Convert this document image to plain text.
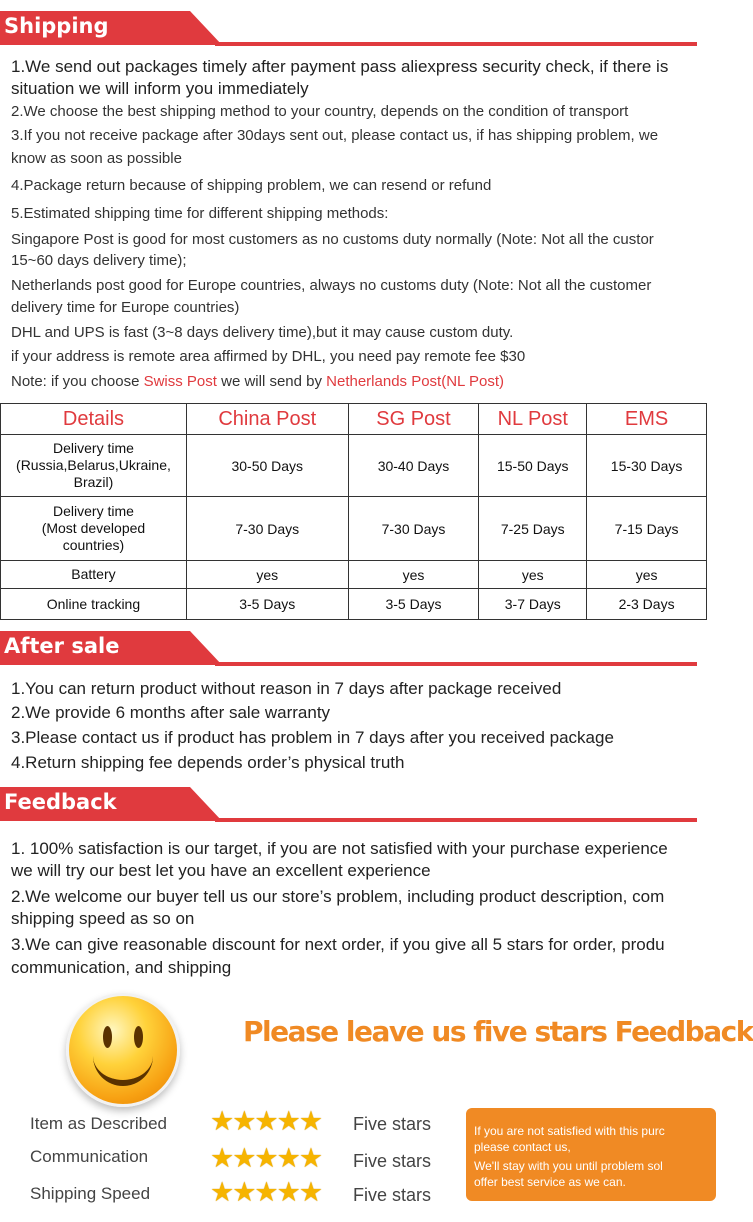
Shipping
1.We send out packages timely after payment pass aliexpress security check, if there is
situation we will inform you immediately
2.We choose the best shipping method to your country, depends on the condition of transport
3.If you not receive package after 30days sent out, please contact us, if has shipping problem, we
know as soon as possible
4.Package return because of shipping problem, we can resend or refund
5.Estimated shipping time for different shipping methods:
Singapore Post is good for most customers as no customs duty normally (Note: Not all the custor
15~60 days delivery time);
Netherlands post good for Europe countries, always no customs duty (Note: Not all the customer
delivery time for Europe countries)
DHL and UPS is fast (3~8 days delivery time),but it may cause custom duty.
if your address is remote area affirmed by DHL, you need pay remote fee $30
Note: if you choose Swiss Post we will send by Netherlands Post(NL Post)
Details	China Post	SG Post	NL Post	EMS

Delivery time
(Russia,Belarus,Ukraine,
Brazil)	30-50 Days	30-40 Days	15-50 Days	15-30 Days

Delivery time
(Most developed
countries)	7-30 Days	7-30 Days	7-25 Days	7-15 Days
Battery	yes	yes	yes	yes
Online tracking	3-5 Days	3-5 Days	3-7 Days	2-3 Days
After sale
1.You can return product without reason in 7 days after package received
2.We provide 6 months after sale warranty
3.Please contact us if product has problem in 7 days after you received package
4.Return shipping fee depends order’s physical truth
Feedback
1. 100% satisfaction is our target, if you are not satisfied with your purchase experience
we will try our best let you have an excellent experience
2.We welcome our buyer tell us our store’s problem, including product description, com
shipping speed as so on
3.We can give reasonable discount for next order, if you give all 5 stars for order, produ
communication, and shipping
Please leave us five stars Feedback
Item as Described ★★★★★ Five stars
Communication ★★★★★ Five stars
Shipping Speed ★★★★★ Five stars
If you are not satisfied with this purc
please contact us,
We'll stay with you until problem sol
offer best service as we can.
